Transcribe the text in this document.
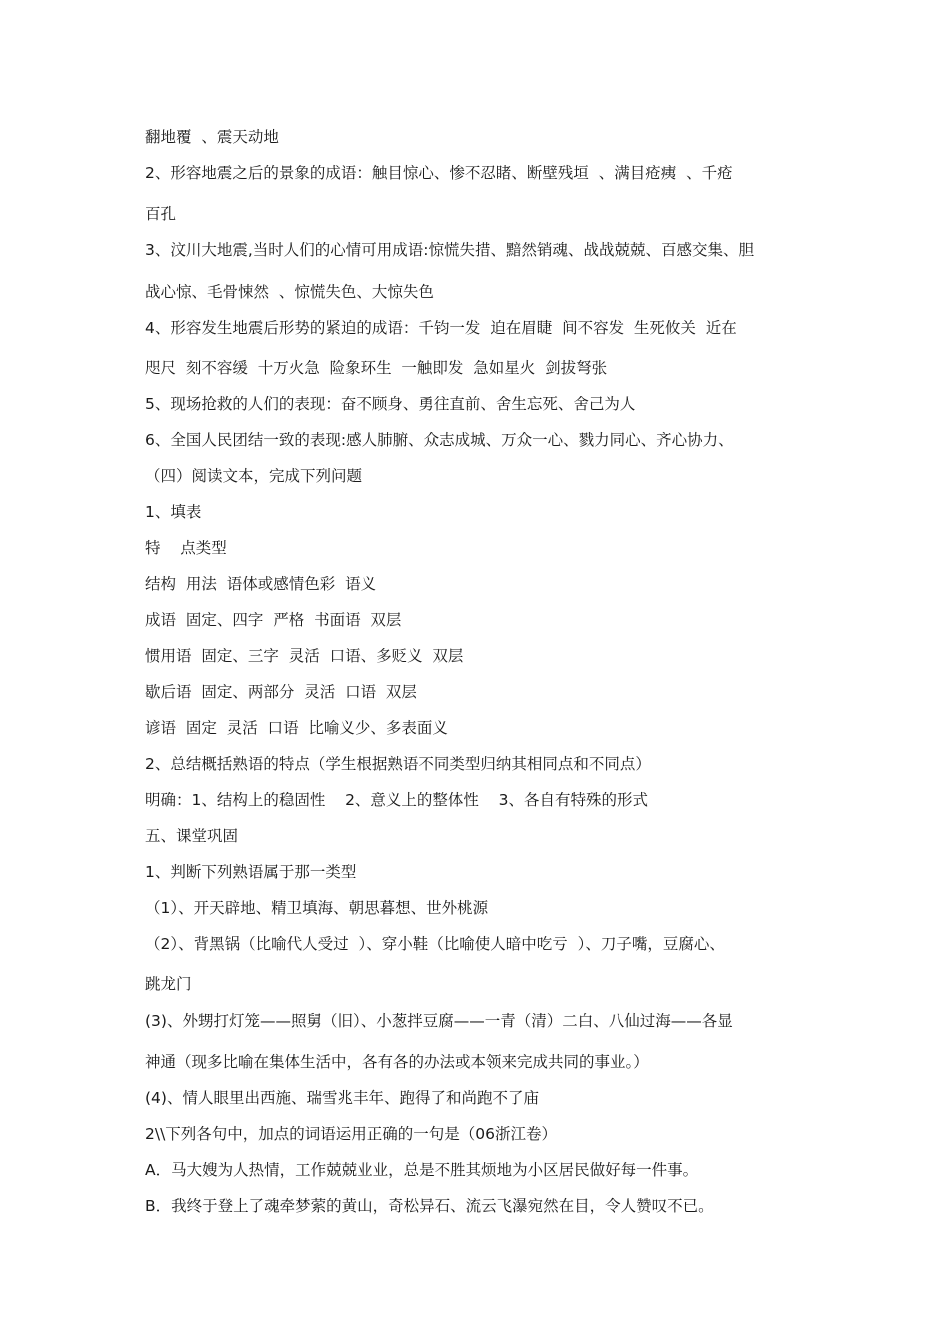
翻地覆  、震天动地
2、形容地震之后的景象的成语：触目惊心、惨不忍睹、断壁残垣  、满目疮痍  、千疮
百孔
3、汶川大地震,当时人们的心情可用成语:惊慌失措、黯然销魂、战战兢兢、百感交集、胆
战心惊、毛骨悚然  、惊慌失色、大惊失色
4、形容发生地震后形势的紧迫的成语：千钧一发  迫在眉睫  间不容发  生死攸关  近在
咫尺  刻不容缓  十万火急  险象环生  一触即发  急如星火  剑拔弩张
5、现场抢救的人们的表现：奋不顾身、勇往直前、舍生忘死、舍己为人
6、全国人民团结一致的表现:感人肺腑、众志成城、万众一心、戮力同心、齐心协力、
（四）阅读文本，完成下列问题
1、填表
特    点类型
结构  用法  语体或感情色彩  语义
成语  固定、四字  严格  书面语  双层
惯用语  固定、三字  灵活  口语、多贬义  双层
歇后语  固定、两部分  灵活  口语  双层
谚语  固定  灵活  口语  比喻义少、多表面义
2、总结概括熟语的特点（学生根据熟语不同类型归纳其相同点和不同点）
明确：1、结构上的稳固性    2、意义上的整体性    3、各自有特殊的形式
五、课堂巩固
1、判断下列熟语属于那一类型
（1）、开天辟地、精卫填海、朝思暮想、世外桃源
（2）、背黑锅（比喻代人受过  ）、穿小鞋（比喻使人暗中吃亏  ）、刀子嘴，豆腐心、
跳龙门
(3)、外甥打灯笼——照舅（旧）、小葱拌豆腐——一青（清）二白、八仙过海——各显
神通（现多比喻在集体生活中，各有各的办法或本领来完成共同的事业。）
(4)、情人眼里出西施、瑞雪兆丰年、跑得了和尚跑不了庙
2\\下列各句中，加点的词语运用正确的一句是（06浙江卷）
A．马大嫂为人热情，工作兢兢业业，总是不胜其烦地为小区居民做好每一件事。
B．我终于登上了魂牵梦萦的黄山，奇松异石、流云飞瀑宛然在目，令人赞叹不已。
